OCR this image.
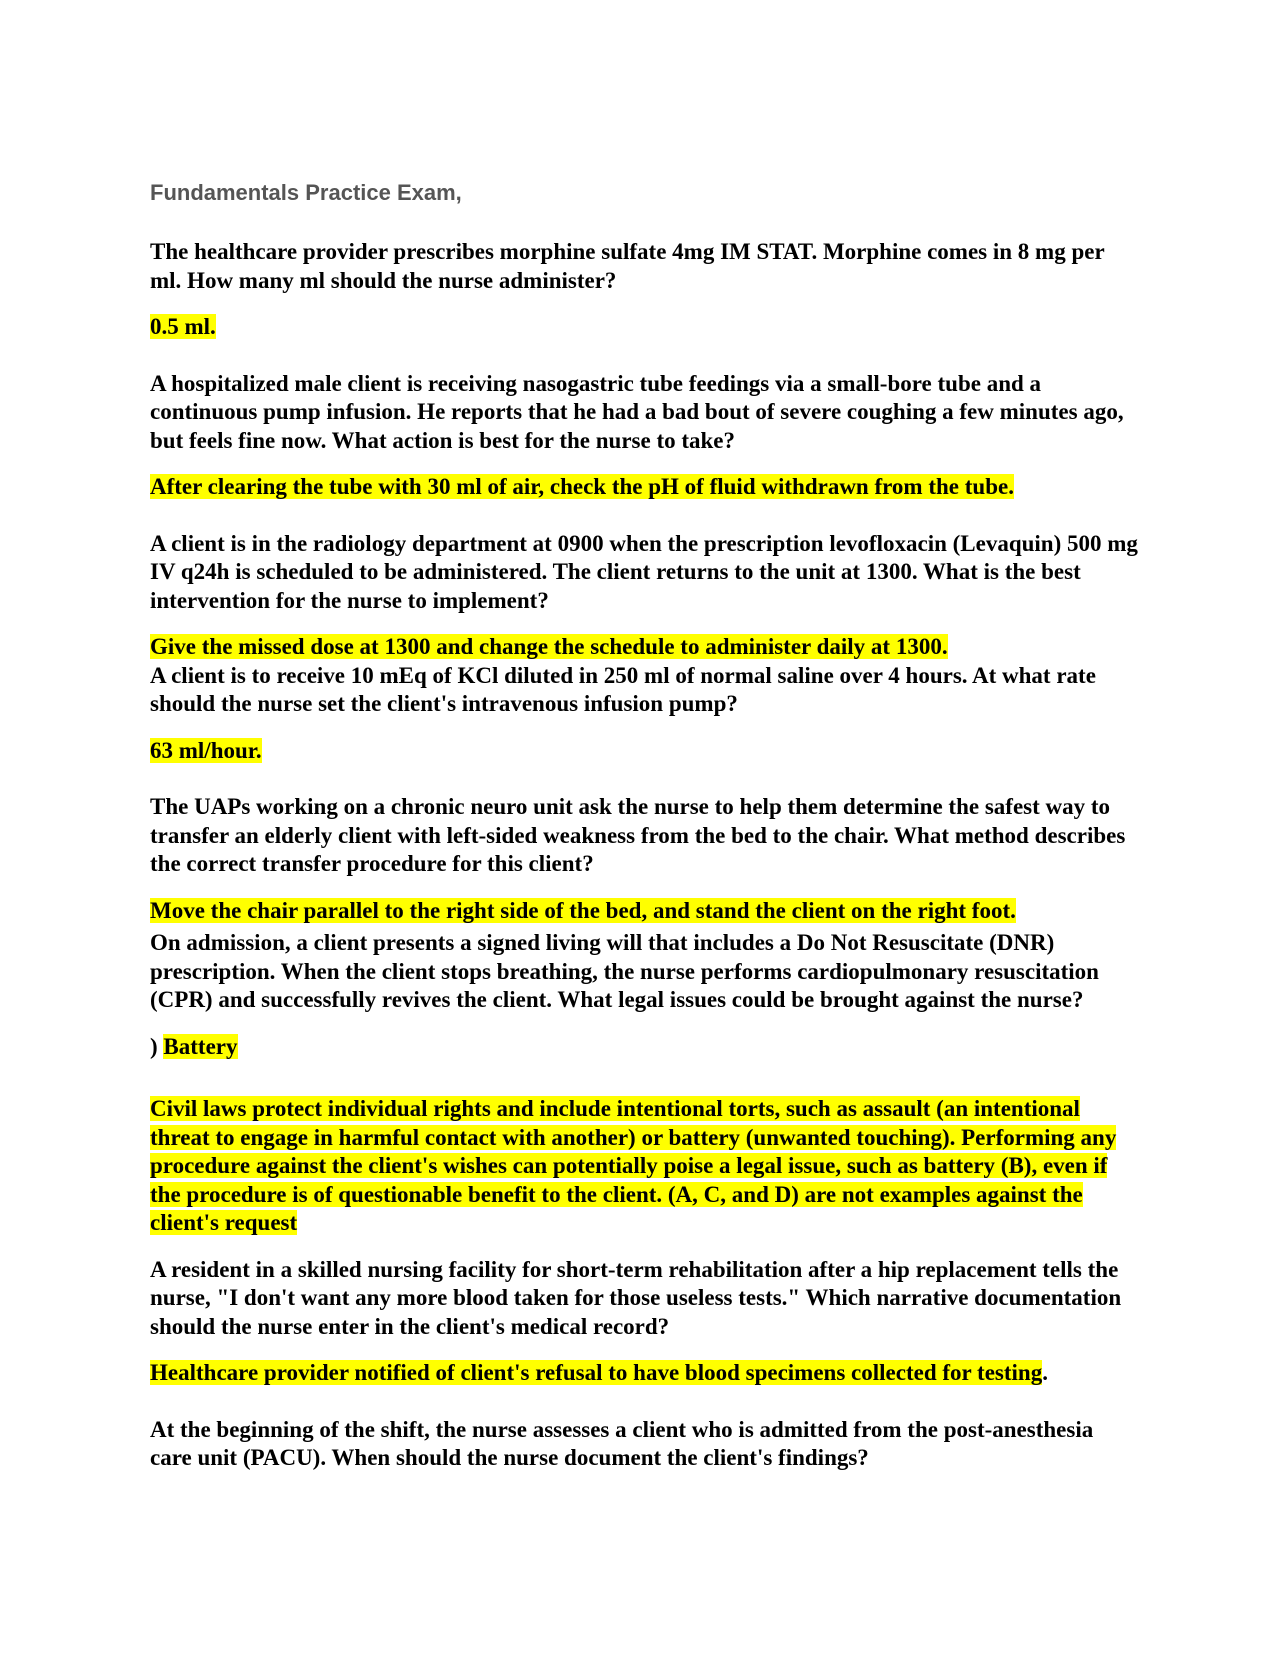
Fundamentals Practice Exam,

The healthcare provider prescribes morphine sulfate 4mg IM STAT. Morphine comes in 8 mg per ml. How many ml should the nurse administer?

0.5 ml.

A hospitalized male client is receiving nasogastric tube feedings via a small-bore tube and a continuous pump infusion. He reports that he had a bad bout of severe coughing a few minutes ago, but feels fine now. What action is best for the nurse to take?

After clearing the tube with 30 ml of air, check the pH of fluid withdrawn from the tube.

A client is in the radiology department at 0900 when the prescription levofloxacin (Levaquin) 500 mg IV q24h is scheduled to be administered. The client returns to the unit at 1300. What is the best intervention for the nurse to implement?

Give the missed dose at 1300 and change the schedule to administer daily at 1300.

A client is to receive 10 mEq of KCl diluted in 250 ml of normal saline over 4 hours. At what rate should the nurse set the client's intravenous infusion pump?

63 ml/hour.

The UAPs working on a chronic neuro unit ask the nurse to help them determine the safest way to transfer an elderly client with left-sided weakness from the bed to the chair. What method describes the correct transfer procedure for this client?

Move the chair parallel to the right side of the bed, and stand the client on the right foot.

On admission, a client presents a signed living will that includes a Do Not Resuscitate (DNR) prescription. When the client stops breathing, the nurse performs cardiopulmonary resuscitation (CPR) and successfully revives the client. What legal issues could be brought against the nurse?

) Battery

Civil laws protect individual rights and include intentional torts, such as assault (an intentional threat to engage in harmful contact with another) or battery (unwanted touching). Performing any procedure against the client's wishes can potentially poise a legal issue, such as battery (B), even if the procedure is of questionable benefit to the client. (A, C, and D) are not examples against the client's request

A resident in a skilled nursing facility for short-term rehabilitation after a hip replacement tells the nurse, "I don't want any more blood taken for those useless tests." Which narrative documentation should the nurse enter in the client's medical record?

Healthcare provider notified of client's refusal to have blood specimens collected for testing.

At the beginning of the shift, the nurse assesses a client who is admitted from the post-anesthesia care unit (PACU). When should the nurse document the client's findings?
